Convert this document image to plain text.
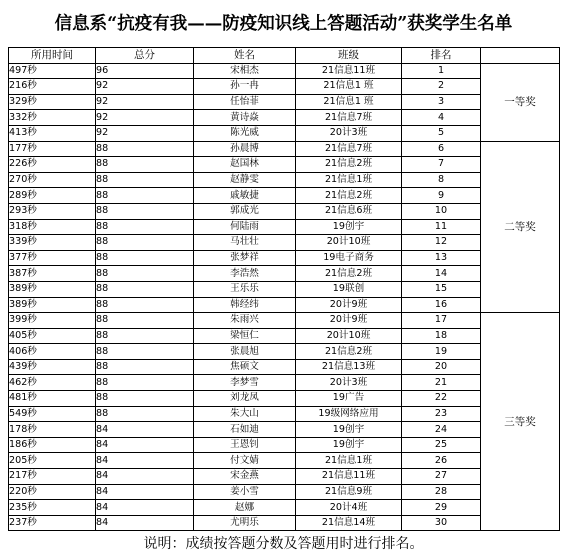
信息系“抗疫有我——防疫知识线上答题活动”获奖学生名单
所用时间	总分	姓名	班级	排名	
497秒	96	宋相杰	21信息11班	1	一等奖
216秒	92	孙一冉	21信息1 班	2	
329秒	92	任怡菲	21信息1 班	3	
332秒	92	黄诗焱	21信息7班	4	
413秒	92	陈光威	20计3班	5	
177秒	88	孙晨博	21信息7班	6	二等奖
226秒	88	赵国林	21信息2班	7	
270秒	88	赵静雯	21信息1班	8	
289秒	88	戚敏捷	21信息2班	9	
293秒	88	郭成光	21信息6班	10	
318秒	88	何陆雨	19创宇	11	
339秒	88	马壮壮	20计10班	12	
377秒	88	张梦祥	19电子商务	13	
387秒	88	李浩然	21信息2班	14	
389秒	88	王乐乐	19联创	15	
389秒	88	韩经纬	20计9班	16	
399秒	88	朱雨兴	20计9班	17	三等奖
405秒	88	梁恒仁	20计10班	18	
406秒	88	张晨旭	21信息2班	19	
439秒	88	焦硕文	21信息13班	20	
462秒	88	李梦雪	20计3班	21	
481秒	88	刘龙凤	19广告	22	
549秒	88	朱大山	19级网络应用	23	
178秒	84	石如迪	19创宇	24	
186秒	84	王恩钊	19创宇	25	
205秒	84	付文婧	21信息1班	26	
217秒	84	宋金燕	21信息11班	27	
220秒	84	姜小雪	21信息9班	28	
235秒	84	赵娜	20计4班	29	
237秒	84	尤明乐	21信息14班	30	
说明：成绩按答题分数及答题用时进行排名。
